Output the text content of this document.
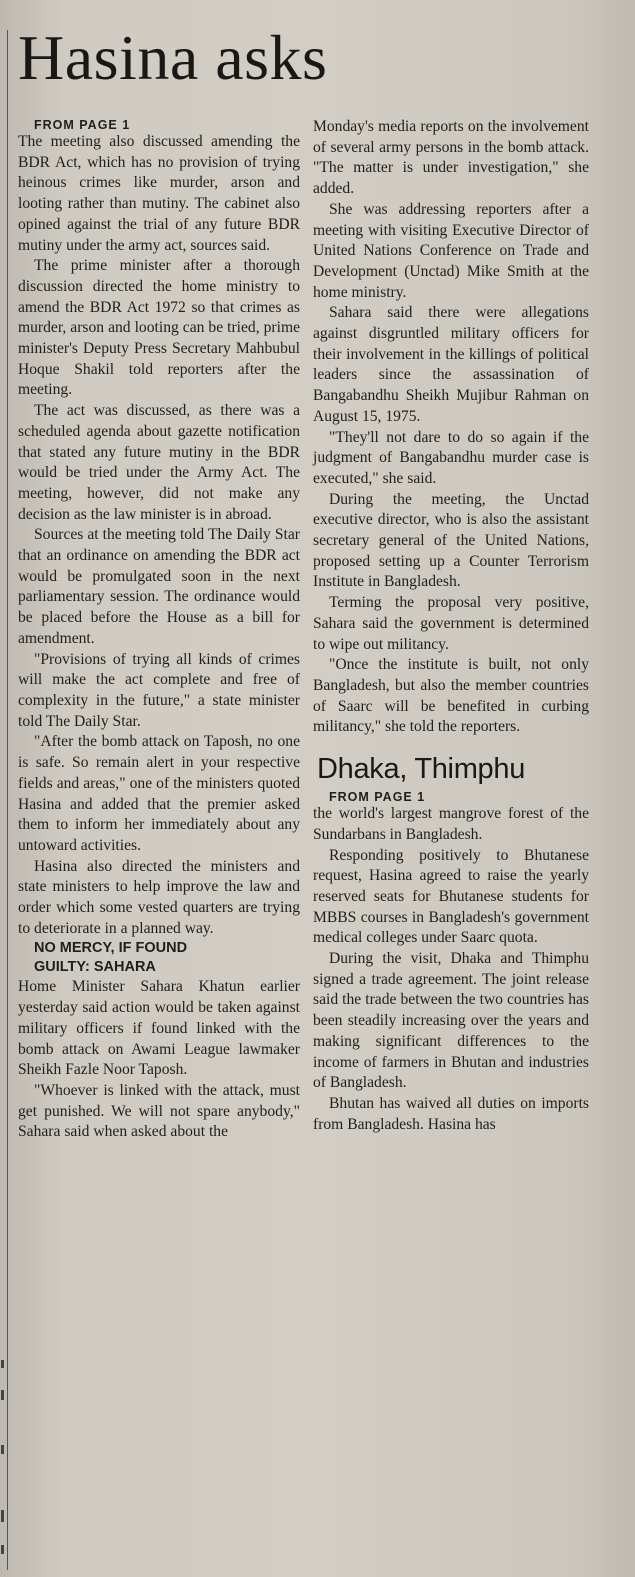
Hasina asks

FROM PAGE 1

The meeting also discussed amending the BDR Act, which has no provision of trying heinous crimes like murder, arson and looting rather than mutiny. The cabinet also opined against the trial of any future BDR mutiny under the army act, sources said.

The prime minister after a thorough discussion directed the home ministry to amend the BDR Act 1972 so that crimes as murder, arson and looting can be tried, prime minister's Deputy Press Secretary Mahbubul Hoque Shakil told reporters after the meeting.

The act was discussed, as there was a scheduled agenda about gazette notification that stated any future mutiny in the BDR would be tried under the Army Act. The meeting, however, did not make any decision as the law minister is in abroad.

Sources at the meeting told The Daily Star that an ordinance on amending the BDR act would be promulgated soon in the next parliamentary session. The ordinance would be placed before the House as a bill for amendment.

"Provisions of trying all kinds of crimes will make the act complete and free of complexity in the future," a state minister told The Daily Star.

"After the bomb attack on Taposh, no one is safe. So remain alert in your respective fields and areas," one of the ministers quoted Hasina and added that the premier asked them to inform her immediately about any untoward activities.

Hasina also directed the ministers and state ministers to help improve the law and order which some vested quarters are trying to deteriorate in a planned way.

NO MERCY, IF FOUND

GUILTY: SAHARA

Home Minister Sahara Khatun earlier yesterday said action would be taken against military officers if found linked with the bomb attack on Awami League lawmaker Sheikh Fazle Noor Taposh.

"Whoever is linked with the attack, must get punished. We will not spare anybody," Sahara said when asked about the

Monday's media reports on the involvement of several army persons in the bomb attack. "The matter is under investigation," she added.

She was addressing reporters after a meeting with visiting Executive Director of United Nations Conference on Trade and Development (Unctad) Mike Smith at the home ministry.

Sahara said there were allegations against disgruntled military officers for their involvement in the killings of political leaders since the assassination of Bangabandhu Sheikh Mujibur Rahman on August 15, 1975.

"They'll not dare to do so again if the judgment of Bangabandhu murder case is executed," she said.

During the meeting, the Unctad executive director, who is also the assistant secretary general of the United Nations, proposed setting up a Counter Terrorism Institute in Bangladesh.

Terming the proposal very positive, Sahara said the government is determined to wipe out militancy.

"Once the institute is built, not only Bangladesh, but also the member countries of Saarc will be benefited in curbing militancy," she told the reporters.

Dhaka, Thimphu

FROM PAGE 1

the world's largest mangrove forest of the Sundarbans in Bangladesh.

Responding positively to Bhutanese request, Hasina agreed to raise the yearly reserved seats for Bhutanese students for MBBS courses in Bangladesh's government medical colleges under Saarc quota.

During the visit, Dhaka and Thimphu signed a trade agreement. The joint release said the trade between the two countries has been steadily increasing over the years and making significant differences to the income of farmers in Bhutan and industries of Bangladesh.

Bhutan has waived all duties on imports from Bangladesh. Hasina has
